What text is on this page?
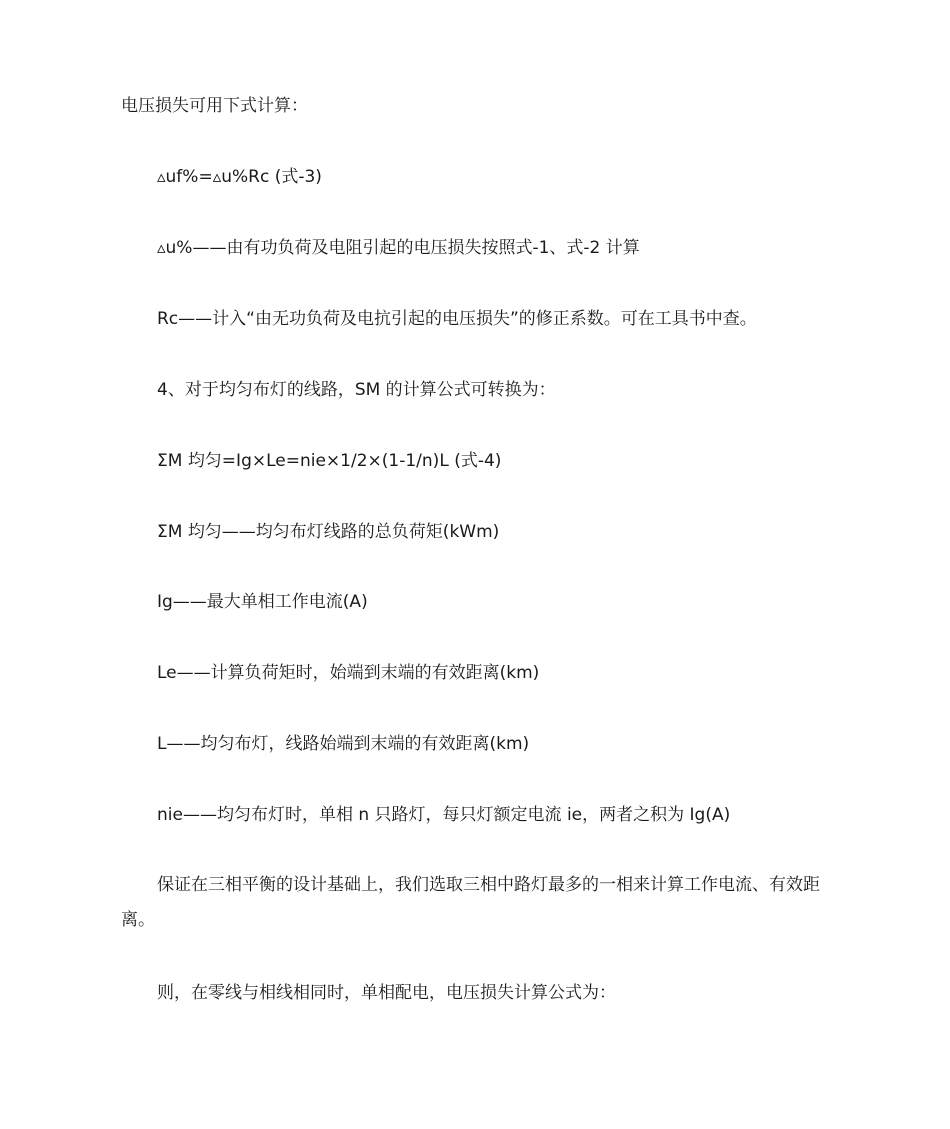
电压损失可用下式计算：

▵uf%=▵u%Rc (式-3)

▵u%——由有功负荷及电阻引起的电压损失按照式-1、式-2 计算

Rc——计入“由无功负荷及电抗引起的电压损失”的修正系数。可在工具书中查。

4、对于均匀布灯的线路，SM 的计算公式可转换为：

ΣM 均匀=Ig×Le=nie×1/2×(1-1/n)L (式-4)

ΣM 均匀——均匀布灯线路的总负荷矩(kWm)

Ig——最大单相工作电流(A)

Le——计算负荷矩时，始端到末端的有效距离(km)

L——均匀布灯，线路始端到末端的有效距离(km)

nie——均匀布灯时，单相 n 只路灯，每只灯额定电流 ie，两者之积为 Ig(A)

保证在三相平衡的设计基础上，我们选取三相中路灯最多的一相来计算工作电流、有效距离。

则，在零线与相线相同时，单相配电，电压损失计算公式为：
